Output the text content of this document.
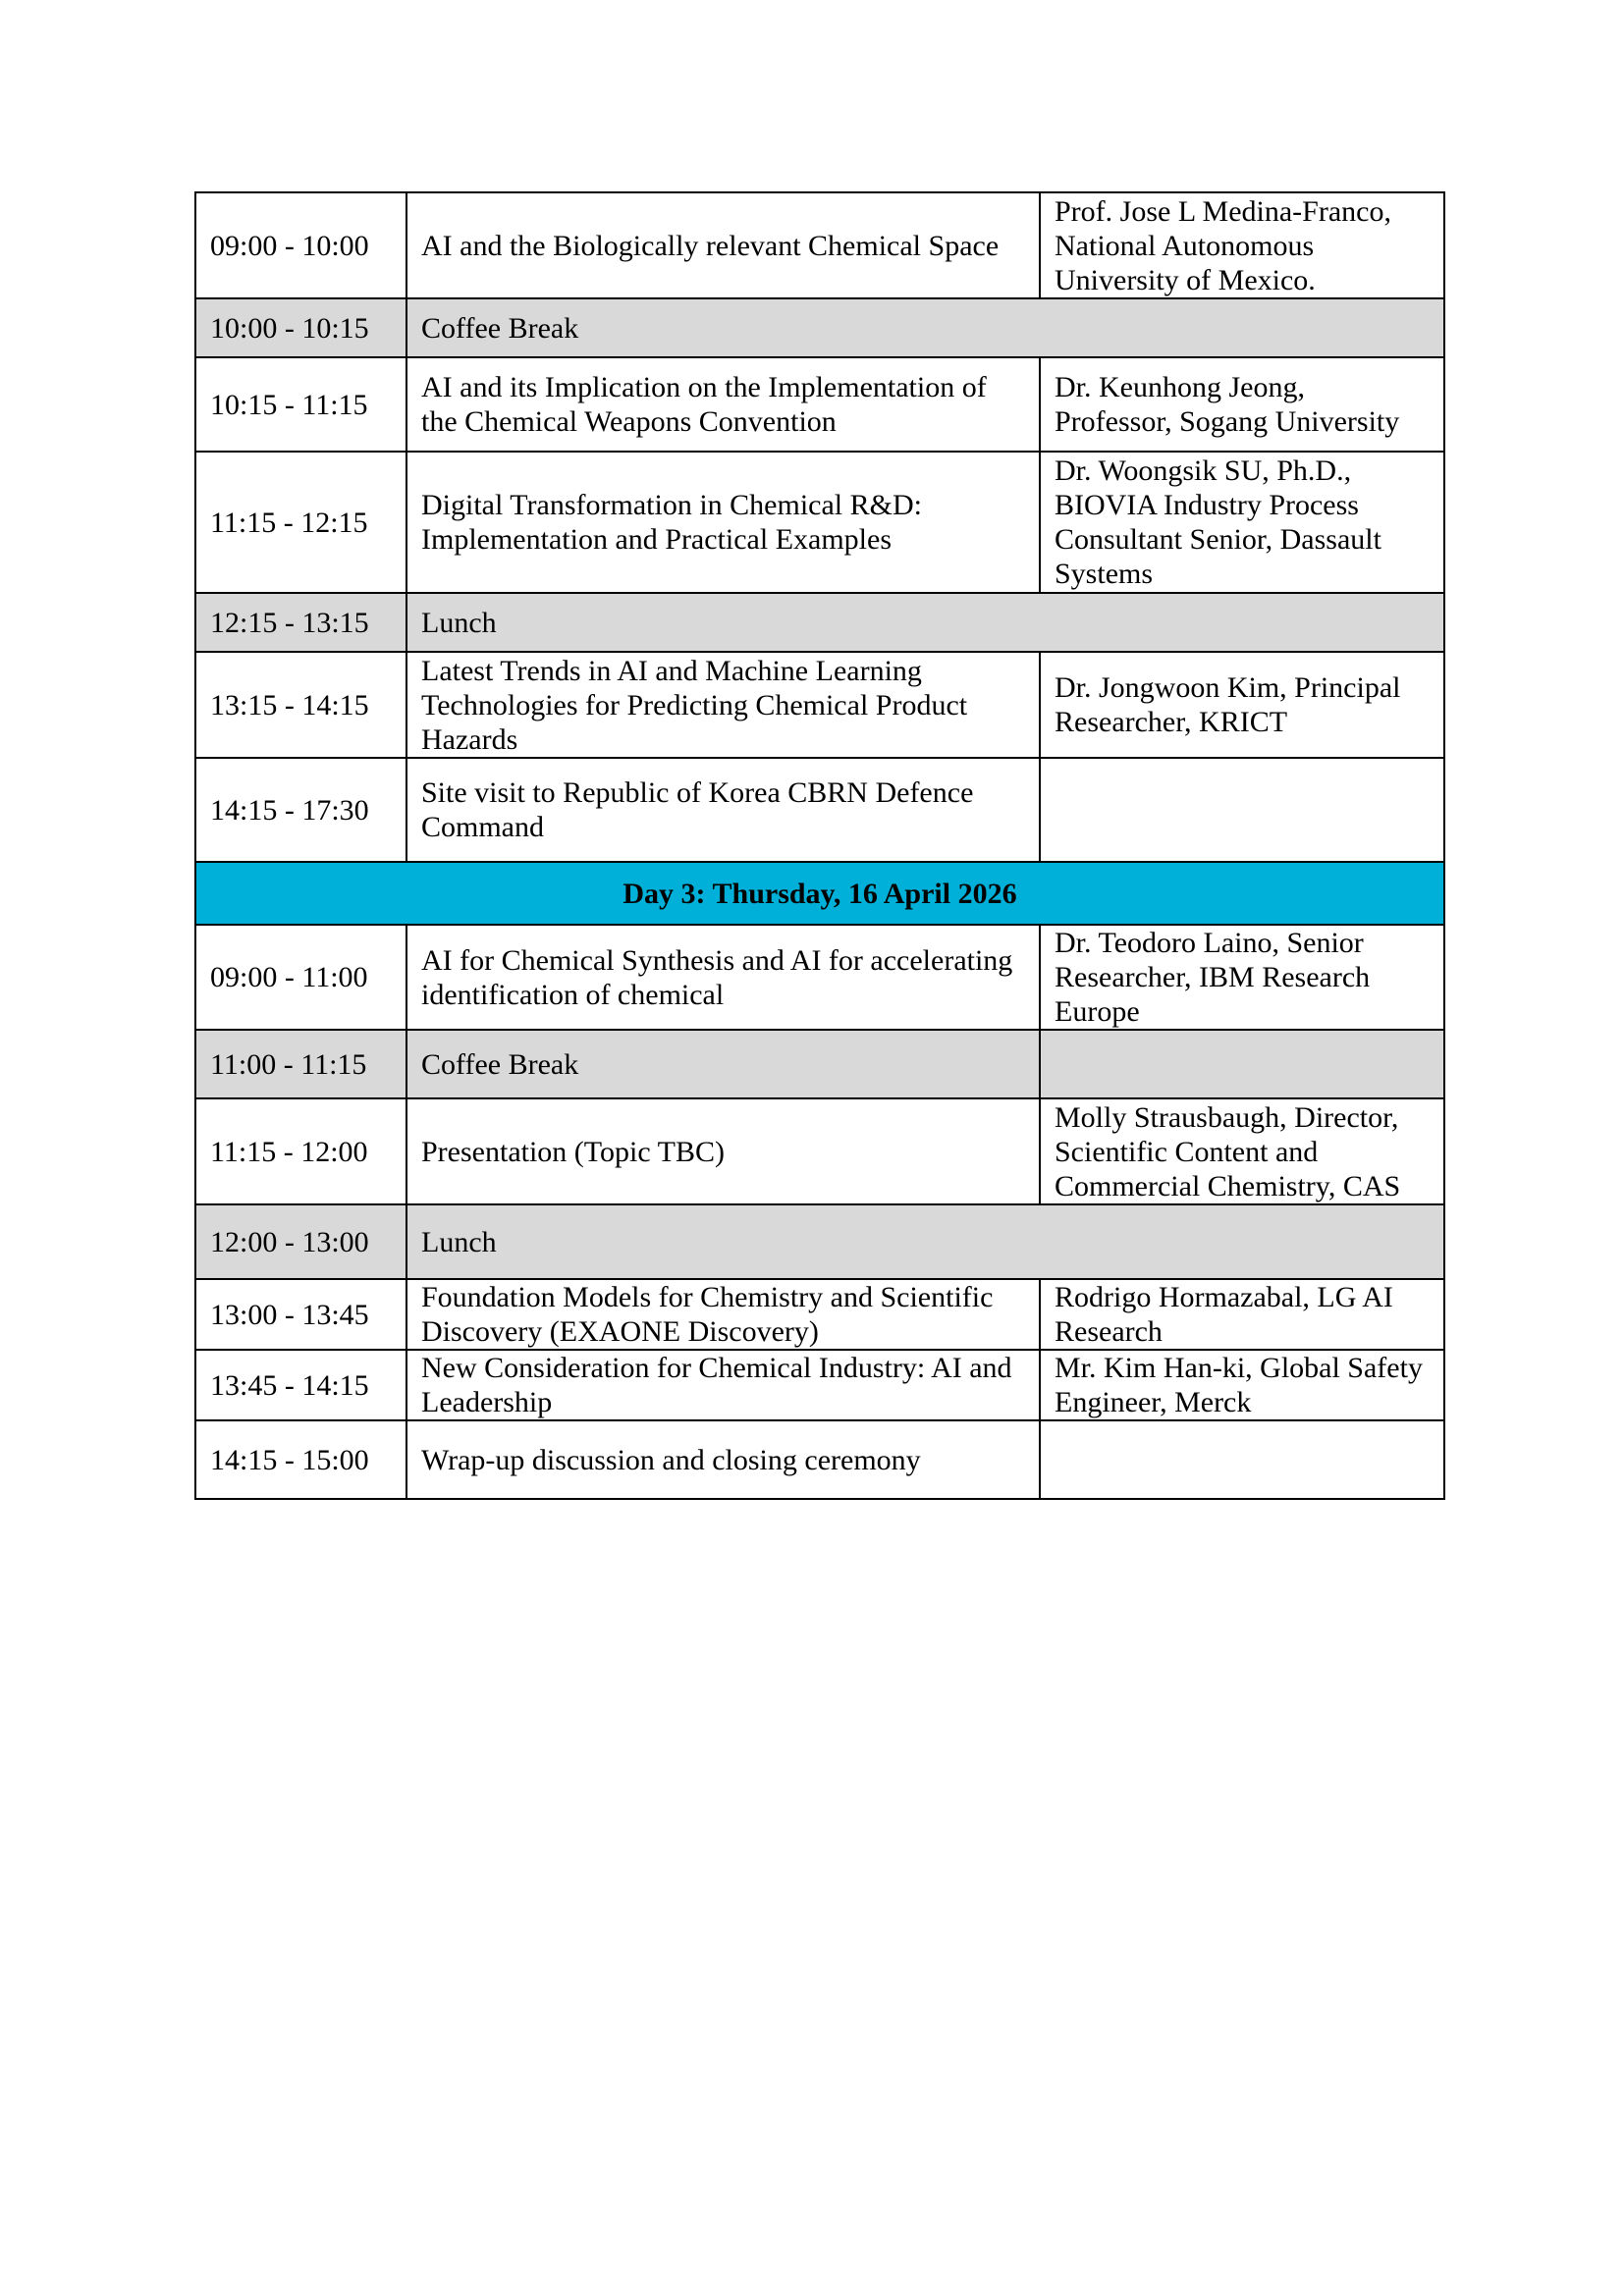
09:00 - 10:00	AI and the Biologically relevant Chemical Space	Prof. Jose L Medina-Franco, National Autonomous University of Mexico.
10:00 - 10:15	Coffee Break	
10:15 - 11:15	AI and its Implication on the Implementation of the Chemical Weapons Convention	Dr. Keunhong Jeong, Professor, Sogang University
11:15 - 12:15	Digital Transformation in Chemical R&D: Implementation and Practical Examples	Dr. Woongsik SU, Ph.D., BIOVIA Industry Process Consultant Senior, Dassault Systems
12:15 - 13:15	Lunch	
13:15 - 14:15	Latest Trends in AI and Machine Learning Technologies for Predicting Chemical Product Hazards	Dr. Jongwoon Kim, Principal Researcher, KRICT
14:15 - 17:30	Site visit to Republic of Korea CBRN Defence Command	
Day 3: Thursday, 16 April 2026		
09:00 - 11:00	AI for Chemical Synthesis and AI for accelerating identification of chemical	Dr. Teodoro Laino, Senior Researcher, IBM Research Europe
11:00 - 11:15	Coffee Break	
11:15 - 12:00	Presentation (Topic TBC)	Molly Strausbaugh, Director, Scientific Content and Commercial Chemistry, CAS
12:00 - 13:00	Lunch	
13:00 - 13:45	Foundation Models for Chemistry and Scientific Discovery (EXAONE Discovery)	Rodrigo Hormazabal, LG AI Research
13:45 - 14:15	New Consideration for Chemical Industry: AI and Leadership	Mr. Kim Han-ki, Global Safety Engineer, Merck
14:15 - 15:00	Wrap-up discussion and closing ceremony	
